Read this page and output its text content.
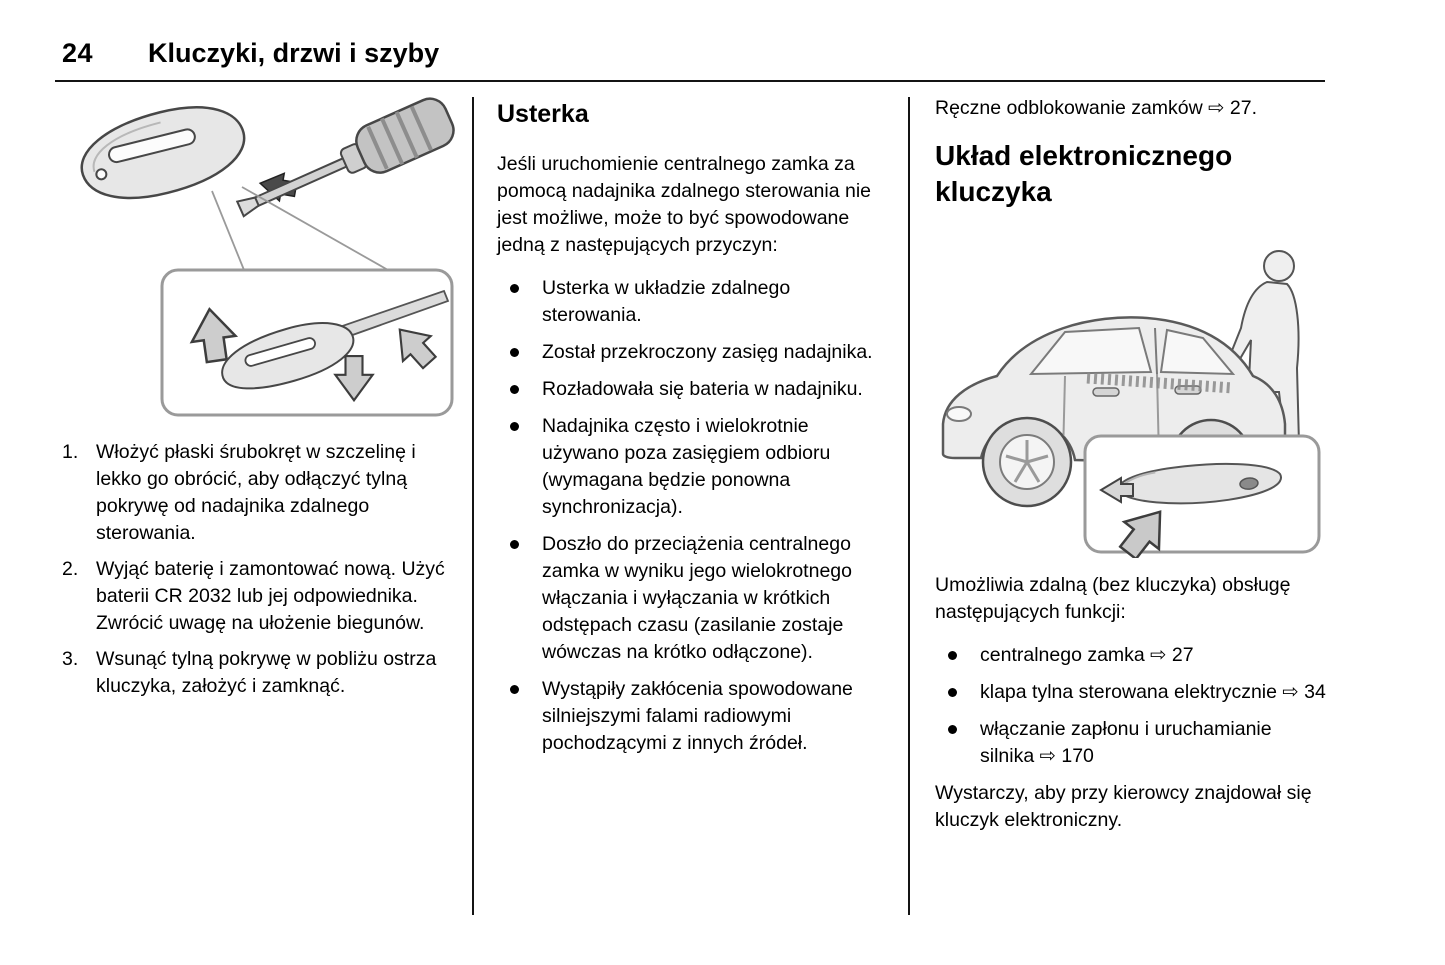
24 Kluczyki, drzwi i szyby
1. Włożyć płaski śrubokręt w szczelinę i lekko go obrócić, aby odłączyć tylną pokrywę od nadajnika zdalnego sterowania.
2. Wyjąć baterię i zamontować nową. Użyć baterii CR 2032 lub jej odpowiednika. Zwrócić uwagę na ułożenie biegunów.
3. Wsunąć tylną pokrywę w pobliżu ostrza kluczyka, założyć i zamknąć.
Usterka

Jeśli uruchomienie centralnego zamka za pomocą nadajnika zdalnego sterowania nie jest możliwe, może to być spowodowane jedną z następujących przyczyn:

Usterka w układzie zdalnego sterowania.
Został przekroczony zasięg nadajnika.
Rozładowała się bateria w nadajniku.
Nadajnika często i wielokrotnie używano poza zasięgiem odbioru (wymagana będzie ponowna synchronizacja).
Doszło do przeciążenia centralnego zamka w wyniku jego wielokrotnego włączania i wyłączania w krótkich odstępach czasu (zasilanie zostaje wówczas na krótko odłączone).
Wystąpiły zakłócenia spowodowane silniejszymi falami radiowymi pochodzącymi z innych źródeł.

Ręczne odblokowanie zamków ⇨ 27.

Układ elektronicznego kluczyka

Umożliwia zdalną (bez kluczyka) obsługę następujących funkcji:

centralnego zamka ⇨ 27
klapa tylna sterowana elektrycznie ⇨ 34
włączanie zapłonu i uruchamianie silnika ⇨ 170

Wystarczy, aby przy kierowcy znajdował się kluczyk elektroniczny.
